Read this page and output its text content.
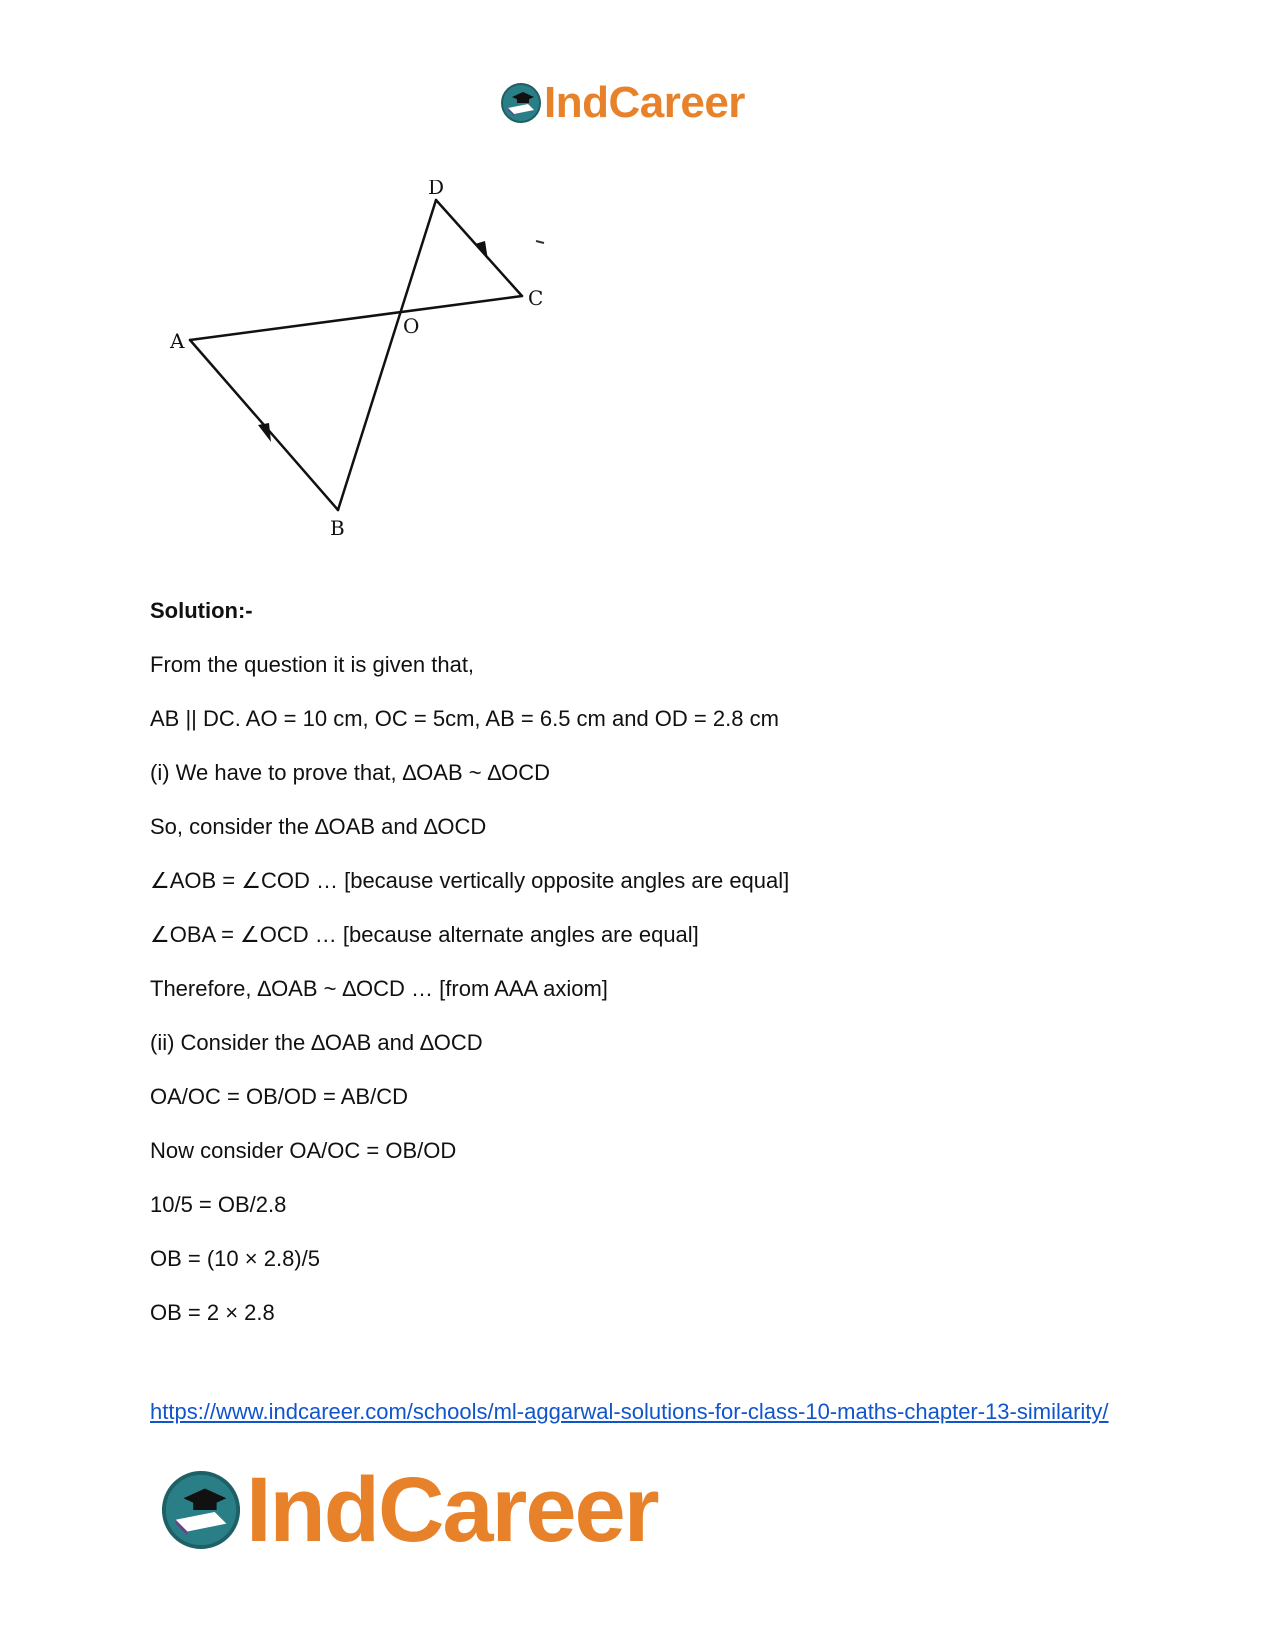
IndCareer
D
C
O
A
B
Solution:-
From the question it is given that,
AB || DC. AO = 10 cm, OC = 5cm, AB = 6.5 cm and OD = 2.8 cm
(i) We have to prove that, ∆OAB ~ ∆OCD
So, consider the ∆OAB and ∆OCD
∠AOB = ∠COD … [because vertically opposite angles are equal]
∠OBA = ∠OCD … [because alternate angles are equal]
Therefore, ∆OAB ~ ∆OCD … [from AAA axiom]
(ii) Consider the ∆OAB and ∆OCD
OA/OC = OB/OD = AB/CD
Now consider OA/OC = OB/OD
10/5 = OB/2.8
OB = (10 × 2.8)/5
OB = 2 × 2.8
https://www.indcareer.com/schools/ml-aggarwal-solutions-for-class-10-maths-chapter-13-similarity/
IndCareer
